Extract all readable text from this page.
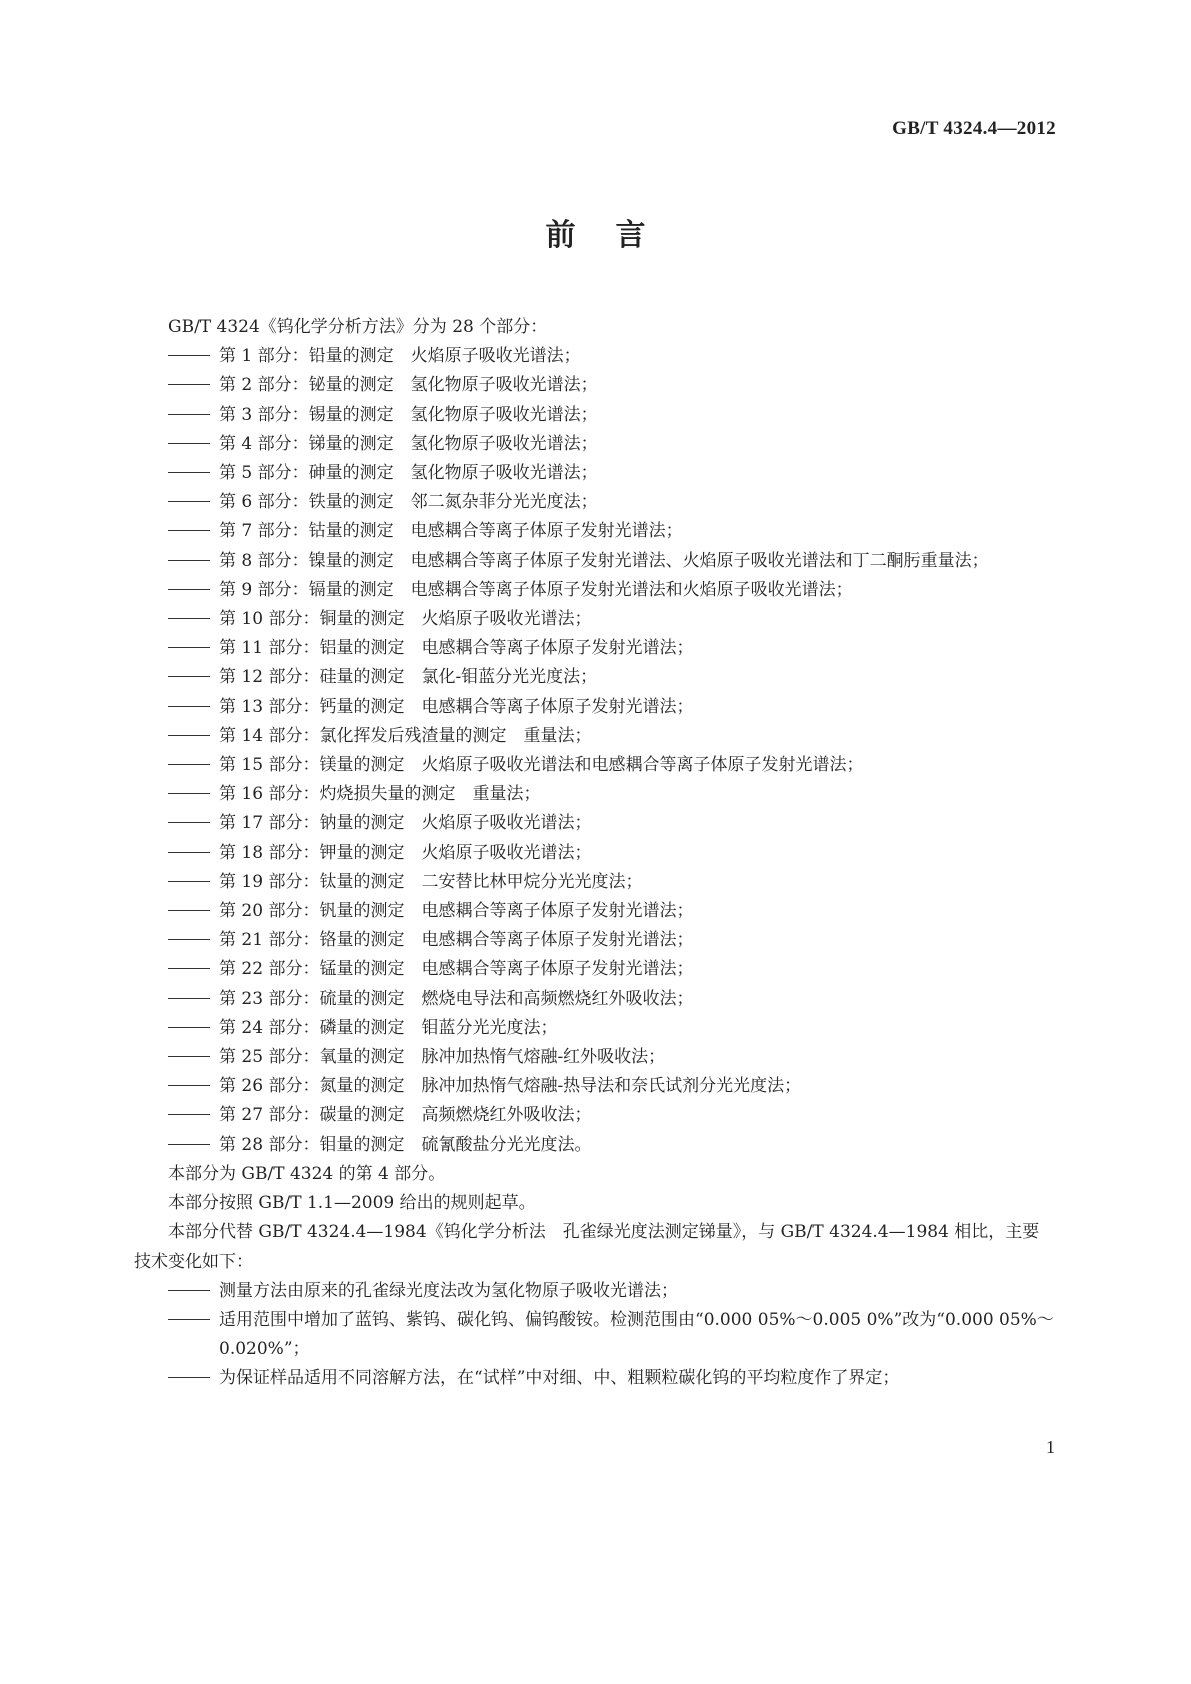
GB/T 4324.4—2012
前言

GB/T 4324《钨化学分析方法》分为 28 个部分：

第 1 部分：铅量的测定　火焰原子吸收光谱法；

第 2 部分：铋量的测定　氢化物原子吸收光谱法；

第 3 部分：锡量的测定　氢化物原子吸收光谱法；

第 4 部分：锑量的测定　氢化物原子吸收光谱法；

第 5 部分：砷量的测定　氢化物原子吸收光谱法；

第 6 部分：铁量的测定　邻二氮杂菲分光光度法；

第 7 部分：钴量的测定　电感耦合等离子体原子发射光谱法；

第 8 部分：镍量的测定　电感耦合等离子体原子发射光谱法、火焰原子吸收光谱法和丁二酮肟重量法；

第 9 部分：镉量的测定　电感耦合等离子体原子发射光谱法和火焰原子吸收光谱法；

第 10 部分：铜量的测定　火焰原子吸收光谱法；

第 11 部分：铝量的测定　电感耦合等离子体原子发射光谱法；

第 12 部分：硅量的测定　氯化-钼蓝分光光度法；

第 13 部分：钙量的测定　电感耦合等离子体原子发射光谱法；

第 14 部分：氯化挥发后残渣量的测定　重量法；

第 15 部分：镁量的测定　火焰原子吸收光谱法和电感耦合等离子体原子发射光谱法；

第 16 部分：灼烧损失量的测定　重量法；

第 17 部分：钠量的测定　火焰原子吸收光谱法；

第 18 部分：钾量的测定　火焰原子吸收光谱法；

第 19 部分：钛量的测定　二安替比林甲烷分光光度法；

第 20 部分：钒量的测定　电感耦合等离子体原子发射光谱法；

第 21 部分：铬量的测定　电感耦合等离子体原子发射光谱法；

第 22 部分：锰量的测定　电感耦合等离子体原子发射光谱法；

第 23 部分：硫量的测定　燃烧电导法和高频燃烧红外吸收法；

第 24 部分：磷量的测定　钼蓝分光光度法；

第 25 部分：氧量的测定　脉冲加热惰气熔融-红外吸收法；

第 26 部分：氮量的测定　脉冲加热惰气熔融-热导法和奈氏试剂分光光度法；

第 27 部分：碳量的测定　高频燃烧红外吸收法；

第 28 部分：钼量的测定　硫氰酸盐分光光度法。

本部分为 GB/T 4324 的第 4 部分。

本部分按照 GB/T 1.1—2009 给出的规则起草。

本部分代替 GB/T 4324.4—1984《钨化学分析法　孔雀绿光度法测定锑量》，与 GB/T 4324.4—1984 相比，主要技术变化如下：

测量方法由原来的孔雀绿光度法改为氢化物原子吸收光谱法；

适用范围中增加了蓝钨、紫钨、碳化钨、偏钨酸铵。检测范围由“0.000 05%～0.005 0%”改为“0.000 05%～0.020%”；

为保证样品适用不同溶解方法，在“试样”中对细、中、粗颗粒碳化钨的平均粒度作了界定；

1
